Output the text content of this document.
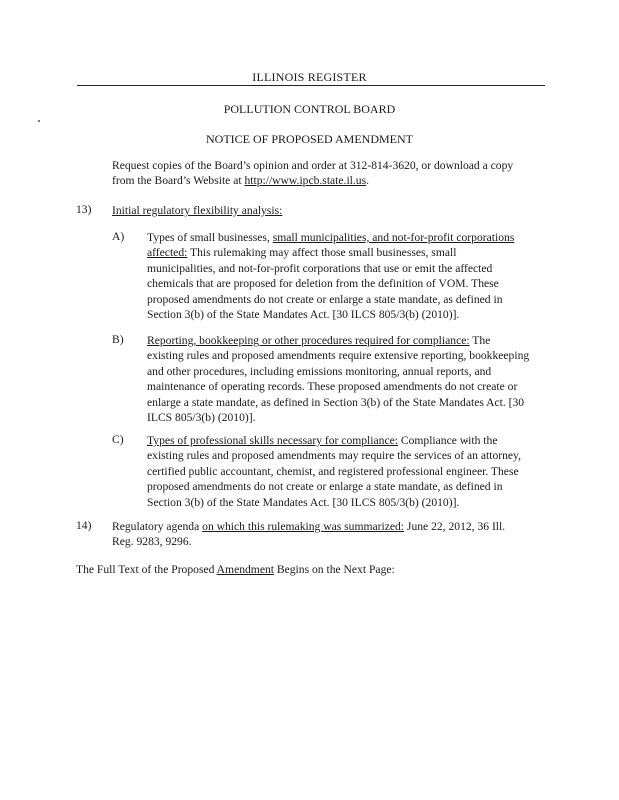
ILLINOIS REGISTER

POLLUTION CONTROL BOARD

NOTICE OF PROPOSED AMENDMENT

Request copies of the Board’s opinion and order at 312-814-3620, or download a copy

from the Board’s Website at http://www.ipcb.state.il.us.

13) Initial regulatory flexibility analysis:
A) Types of small businesses, small municipalities, and not-for-profit corporations

affected: This rulemaking may affect those small businesses, small

municipalities, and not-for-profit corporations that use or emit the affected

chemicals that are proposed for deletion from the definition of VOM. These

proposed amendments do not create or enlarge a state mandate, as defined in

Section 3(b) of the State Mandates Act. [30 ILCS 805/3(b) (2010)].

B) Reporting, bookkeeping or other procedures required for compliance: The

existing rules and proposed amendments require extensive reporting, bookkeeping

and other procedures, including emissions monitoring, annual reports, and

maintenance of operating records. These proposed amendments do not create or

enlarge a state mandate, as defined in Section 3(b) of the State Mandates Act. [30

ILCS 805/3(b) (2010)].

C) Types of professional skills necessary for compliance: Compliance with the

existing rules and proposed amendments may require the services of an attorney,

certified public accountant, chemist, and registered professional engineer. These

proposed amendments do not create or enlarge a state mandate, as defined in

Section 3(b) of the State Mandates Act. [30 ILCS 805/3(b) (2010)].

14) Regulatory agenda on which this rulemaking was summarized: June 22, 2012, 36 Ill.

Reg. 9283, 9296.

The Full Text of the Proposed Amendment Begins on the Next Page:
